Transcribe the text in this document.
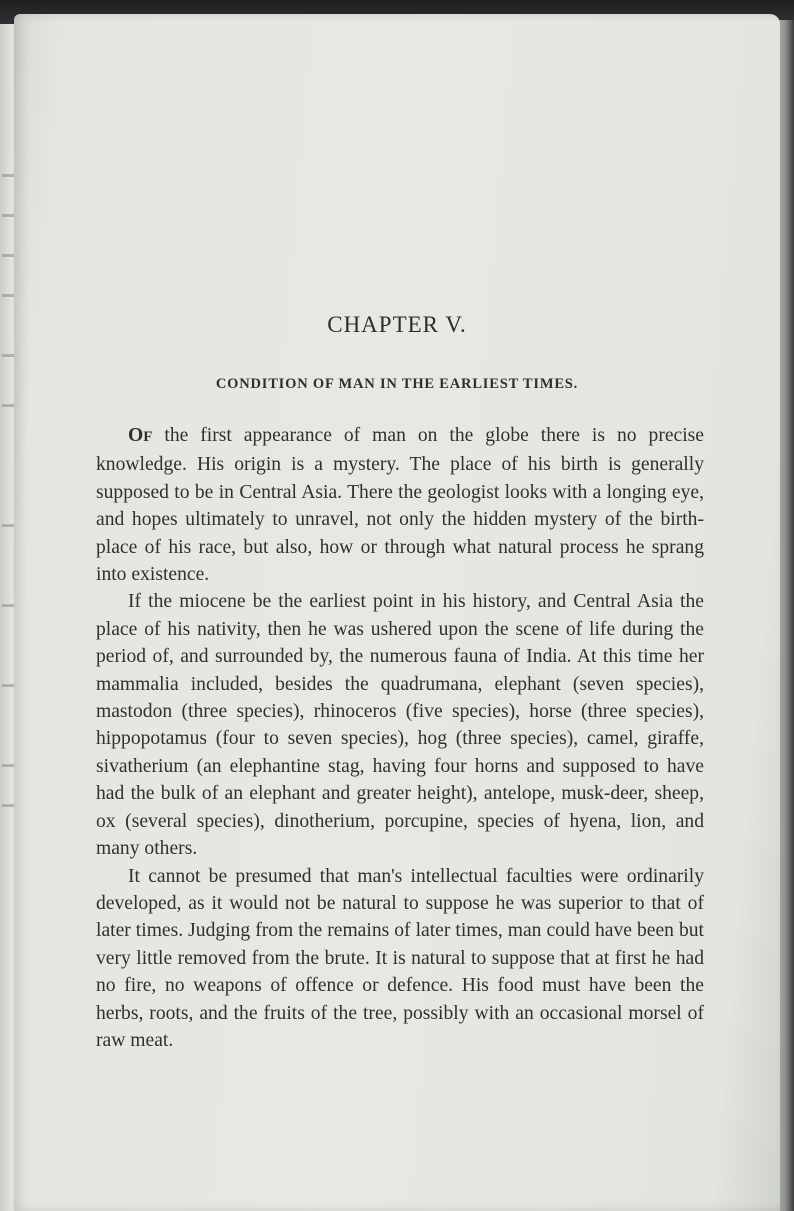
CHAPTER V.
CONDITION OF MAN IN THE EARLIEST TIMES.

OF the first appearance of man on the globe there is no precise knowledge. His origin is a mystery. The place of his birth is generally supposed to be in Central Asia. There the geologist looks with a longing eye, and hopes ultimately to unravel, not only the hidden mystery of the birth-place of his race, but also, how or through what natural process he sprang into existence.

If the miocene be the earliest point in his history, and Central Asia the place of his nativity, then he was ushered upon the scene of life during the period of, and surrounded by, the numerous fauna of India. At this time her mammalia included, besides the quadrumana, elephant (seven species), mastodon (three species), rhinoceros (five species), horse (three species), hippopotamus (four to seven species), hog (three species), camel, giraffe, sivatherium (an elephantine stag, having four horns and supposed to have had the bulk of an elephant and greater height), antelope, musk-deer, sheep, ox (several species), dinotherium, porcupine, species of hyena, lion, and many others.

It cannot be presumed that man's intellectual faculties were ordinarily developed, as it would not be natural to suppose he was superior to that of later times. Judging from the remains of later times, man could have been but very little removed from the brute. It is natural to suppose that at first he had no fire, no weapons of offence or defence. His food must have been the herbs, roots, and the fruits of the tree, possibly with an occasional morsel of raw meat.
